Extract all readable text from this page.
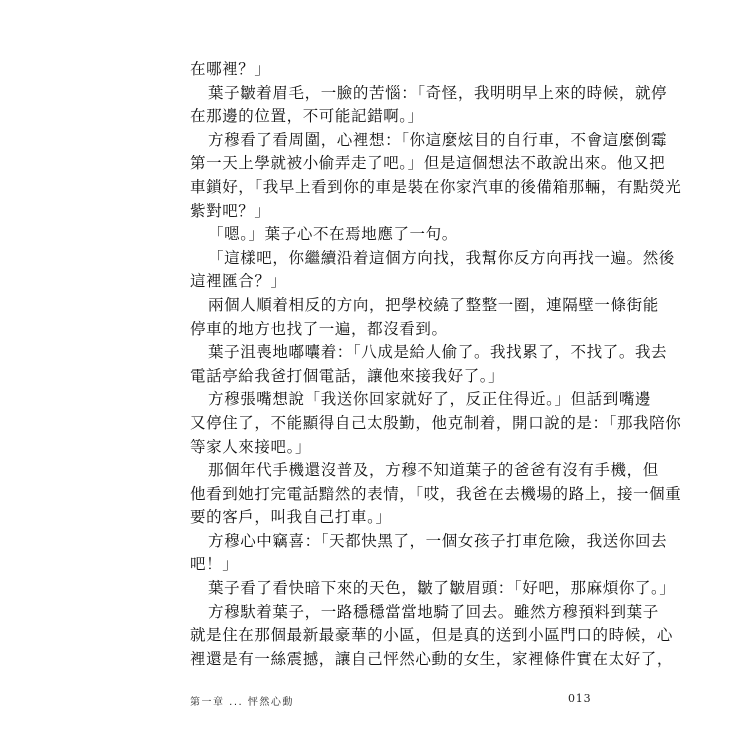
在哪裡？」
葉子皺着眉毛，一臉的苦惱：「奇怪，我明明早上來的時候，就停
在那邊的位置，不可能記錯啊。」
方穆看了看周圍，心裡想：「你這麼炫目的自行車，不會這麼倒霉
第一天上學就被小偷弄走了吧。」但是這個想法不敢說出來。他又把
車鎖好，「我早上看到你的車是裝在你家汽車的後備箱那輛，有點熒光
紫對吧？」
「嗯。」葉子心不在焉地應了一句。
「這樣吧，你繼續沿着這個方向找，我幫你反方向再找一遍。然後
這裡匯合？」
兩個人順着相反的方向，把學校繞了整整一圈，連隔壁一條街能
停車的地方也找了一遍，都沒看到。
葉子沮喪地嘟囔着：「八成是給人偷了。我找累了，不找了。我去
電話亭給我爸打個電話，讓他來接我好了。」
方穆張嘴想說「我送你回家就好了，反正住得近。」但話到嘴邊
又停住了，不能顯得自己太殷勤，他克制着，開口說的是：「那我陪你
等家人來接吧。」
那個年代手機還沒普及，方穆不知道葉子的爸爸有沒有手機，但
他看到她打完電話黯然的表情，「哎，我爸在去機場的路上，接一個重
要的客戶，叫我自己打車。」
方穆心中竊喜：「天都快黑了，一個女孩子打車危險，我送你回去
吧！」
葉子看了看快暗下來的天色，皺了皺眉頭：「好吧，那麻煩你了。」
方穆馱着葉子，一路穩穩當當地騎了回去。雖然方穆預料到葉子
就是住在那個最新最豪華的小區，但是真的送到小區門口的時候，心
裡還是有一絲震撼，讓自己怦然心動的女生，家裡條件實在太好了，
第一章 ... 怦然心動	013
